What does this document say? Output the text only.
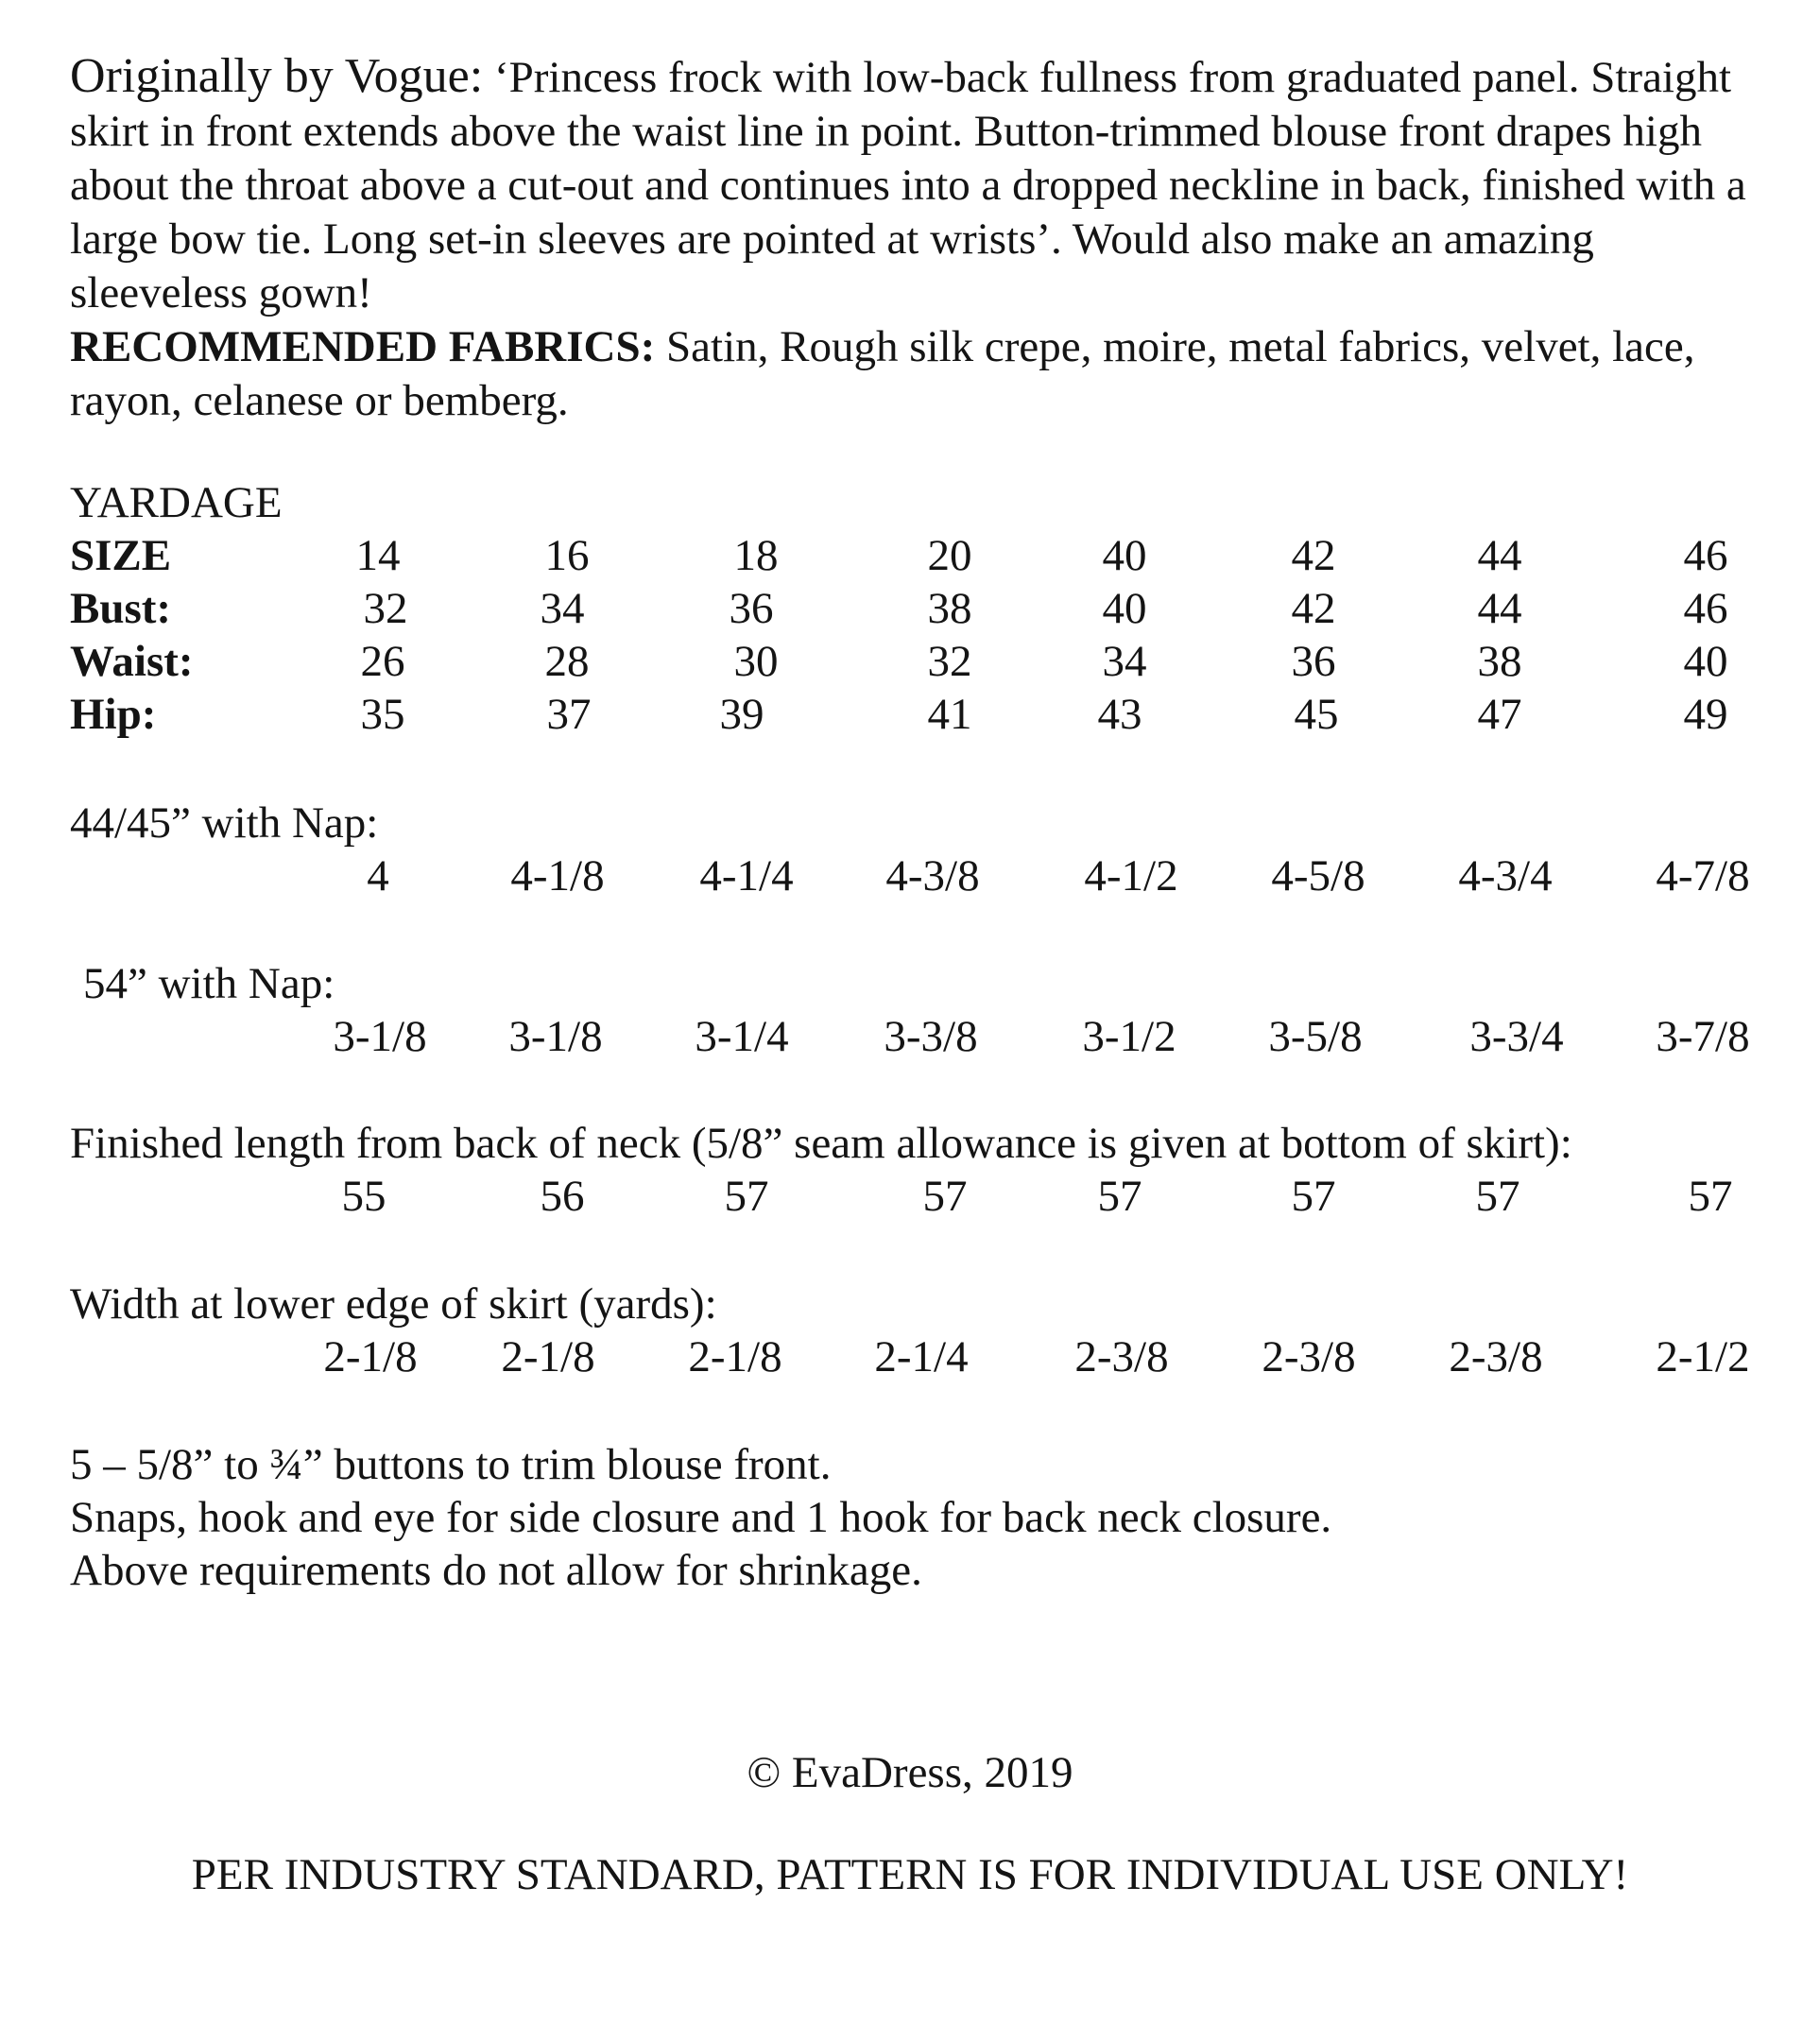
Originally by Vogue: ‘Princess frock with low-back fullness from graduated panel. Straight skirt in front extends above the waist line in point. Button-trimmed blouse front drapes high about the throat above a cut-out and continues into a dropped neckline in back, finished with a large bow tie. Long set-in sleeves are pointed at wrists’. Would also make an amazing sleeveless gown!
RECOMMENDED FABRICS: Satin, Rough silk crepe, moire, metal fabrics, velvet, lace, rayon, celanese or bemberg.

YARDAGE
SIZE	14	16	18	20	40	42	44	46
Bust:	32	34	36	38	40	42	44	46
Waist:	26	28	30	32	34	36	38	40
Hip:	35	37	39	41	43	45	47	49
44/45” with Nap:
4	4-1/8	4-1/4	4-3/8	4-1/2	4-5/8	4-3/4	4-7/8
54” with Nap:
3-1/8	3-1/8	3-1/4	3-3/8	3-1/2	3-5/8	3-3/4	3-7/8
Finished length from back of neck (5/8” seam allowance is given at bottom of skirt):
55	56	57	57	57	57	57	57
Width at lower edge of skirt (yards):
2-1/8	2-1/8	2-1/8	2-1/4	2-3/8	2-3/8	2-3/8	2-1/2
5 – 5/8” to ¾” buttons to trim blouse front.
Snaps, hook and eye for side closure and 1 hook for back neck closure.
Above requirements do not allow for shrinkage.
© EvaDress, 2019
PER INDUSTRY STANDARD, PATTERN IS FOR INDIVIDUAL USE ONLY!
